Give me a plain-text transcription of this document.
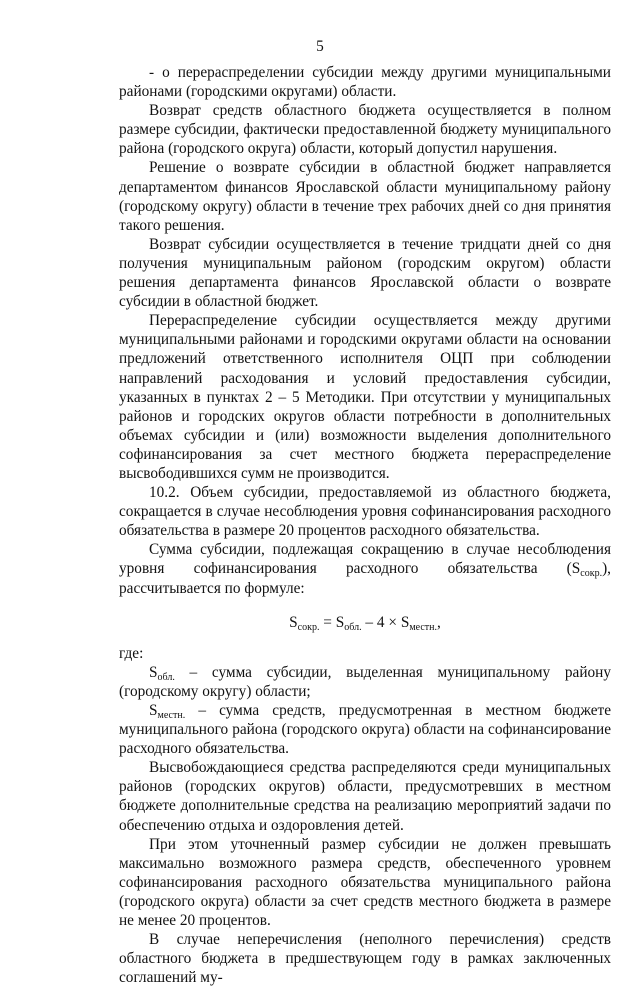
5

- о перераспределении субсидии между другими муниципальными районами (городскими округами) области.

Возврат средств областного бюджета осуществляется в полном размере субсидии, фактически предоставленной бюджету муниципального района (городского округа) области, который допустил нарушения.

Решение о возврате субсидии в областной бюджет направляется департаментом финансов Ярославской области муниципальному району (городскому округу) области в течение трех рабочих дней со дня принятия такого решения.

Возврат субсидии осуществляется в течение тридцати дней со дня получения муниципальным районом (городским округом) области решения департамента финансов Ярославской области о возврате субсидии в областной бюджет.

Перераспределение субсидии осуществляется между другими муниципальными районами и городскими округами области на основании предложений ответственного исполнителя ОЦП при соблюдении направлений расходования и условий предоставления субсидии, указанных в пунктах 2 – 5 Методики. При отсутствии у муниципальных районов и городских округов области потребности в дополнительных объемах субсидии и (или) возможности выделения дополнительного софинансирования за счет местного бюджета перераспределение высвободившихся сумм не производится.

10.2. Объем субсидии, предоставляемой из областного бюджета, сокращается в случае несоблюдения уровня софинансирования расходного обязательства в размере 20 процентов расходного обязательства.

Сумма субсидии, подлежащая сокращению в случае несоблюдения уровня софинансирования расходного обязательства $(S_{сокр.})$, рассчитывается по формуле:

$S_{сокр.} = S_{обл.} - 4 \times S_{местн.}$,

где:

$S_{обл.}$ – сумма субсидии, выделенная муниципальному району (городскому округу) области;

$S_{местн.}$ – сумма средств, предусмотренная в местном бюджете муниципального района (городского округа) области на софинансирование расходного обязательства.

Высвобождающиеся средства распределяются среди муниципальных районов (городских округов) области, предусмотревших в местном бюджете дополнительные средства на реализацию мероприятий задачи по обеспечению отдыха и оздоровления детей.

При этом уточненный размер субсидии не должен превышать максимально возможного размера средств, обеспеченного уровнем софинансирования расходного обязательства муниципального района (городского округа) области за счет средств местного бюджета в размере не менее 20 процентов.

В случае неперечисления (неполного перечисления) средств областного бюджета в предшествующем году в рамках заключенных соглашений му-
